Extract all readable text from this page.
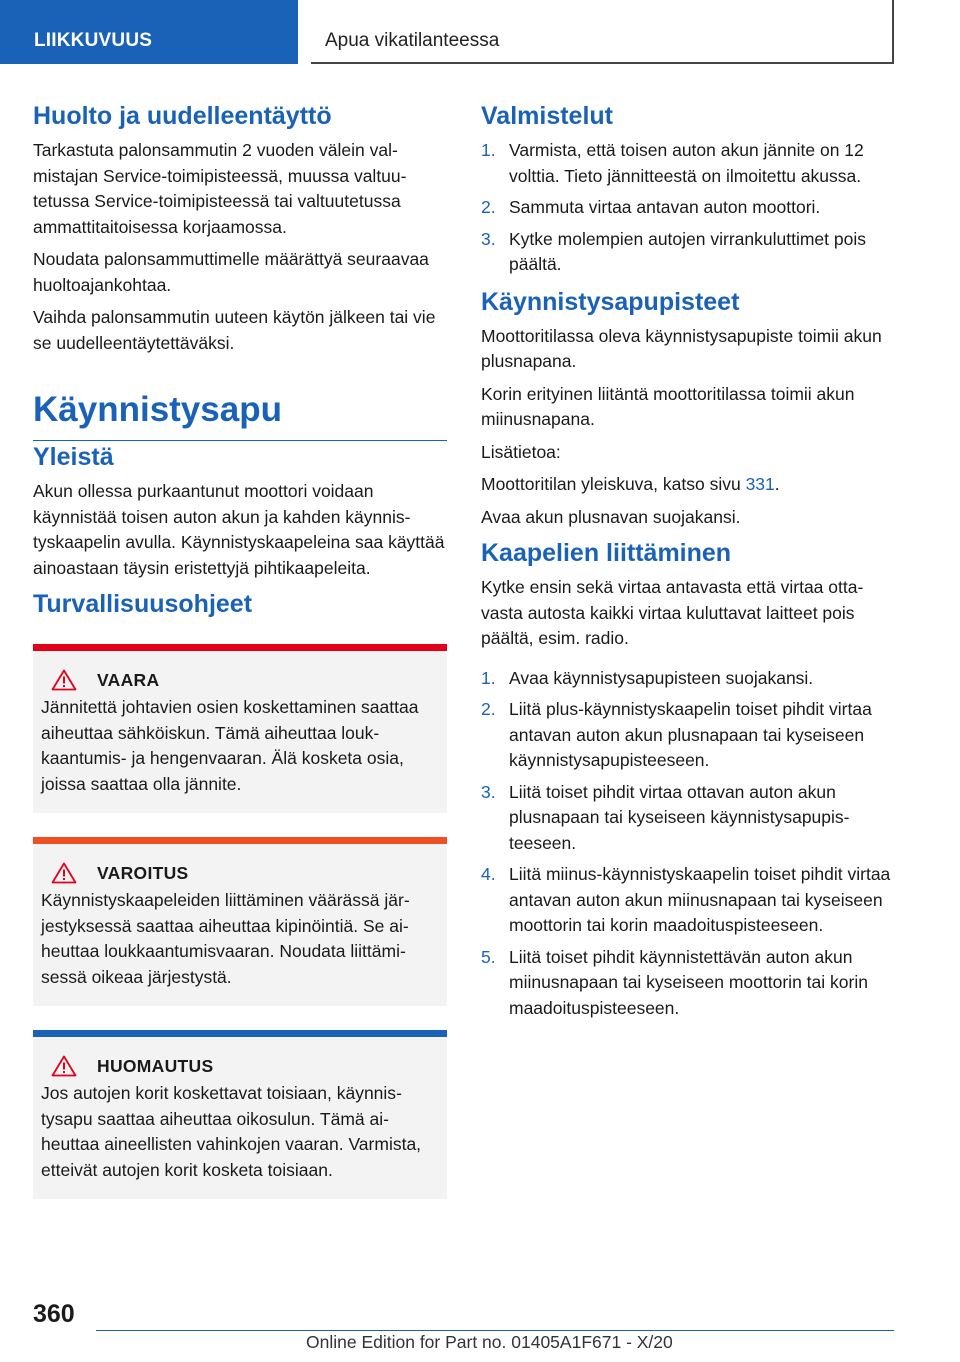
LIIKKUVUUS	Apua vikatilanteessa
Huolto ja uudelleentäyttö

Tarkastuta palonsammutin 2 vuoden välein valmistajan Service-toimipisteessä, muussa valtuutetussa Service-toimipisteessä tai valtuutetussa ammattitaitoisessa korjaamossa.

Noudata palonsammuttimelle määrättyä seuraavaa huoltoajankohtaa.

Vaihda palonsammutin uuteen käytön jälkeen tai vie se uudelleentäytettäväksi.

Käynnistysapu
Yleistä

Akun ollessa purkaantunut moottori voidaan käynnistää toisen auton akun ja kahden käynnistyskaapelin avulla. Käynnistyskaapeleina saa käyttää ainoastaan täysin eristettyjä pihtikaapeleita.

Turvallisuusohjeet
VAARA

Jännitettä johtavien osien koskettaminen saattaa aiheuttaa sähköiskun. Tämä aiheuttaa loukkaantumis- ja hengenvaaran. Älä kosketa osia, joissa saattaa olla jännite.

VAROITUS

Käynnistyskaapeleiden liittäminen väärässä järjestyksessä saattaa aiheuttaa kipinöintiä. Se aiheuttaa loukkaantumisvaaran. Noudata liittämisessä oikeaa järjestystä.

HUOMAUTUS

Jos autojen korit koskettavat toisiaan, käynnistysapu saattaa aiheuttaa oikosulun. Tämä aiheuttaa aineellisten vahinkojen vaaran. Varmista, etteivät autojen korit kosketa toisiaan.

Valmistelut
1. Varmista, että toisen auton akun jännite on 12 volttia. Tieto jännitteestä on ilmoitettu akussa.
2. Sammuta virtaa antavan auton moottori.
3. Kytke molempien autojen virrankuluttimet pois päältä.
Käynnistysapupisteet

Moottoritilassa oleva käynnistysapupiste toimii akun plusnapana.

Korin erityinen liitäntä moottoritilassa toimii akun miinusnapana.

Lisätietoa:

Moottoritilan yleiskuva, katso sivu 331.

Avaa akun plusnavan suojakansi.

Kaapelien liittäminen

Kytke ensin sekä virtaa antavasta että virtaa ottavasta autosta kaikki virtaa kuluttavat laitteet pois päältä, esim. radio.

1. Avaa käynnistysapupisteen suojakansi.
2. Liitä plus-käynnistyskaapelin toiset pihdit virtaa antavan auton akun plusnapaan tai kyseiseen käynnistysapupisteeseen.
3. Liitä toiset pihdit virtaa ottavan auton akun plusnapaan tai kyseiseen käynnistysapupisteeseen.
4. Liitä miinus-käynnistyskaapelin toiset pihdit virtaa antavan auton akun miinusnapaan tai kyseiseen moottorin tai korin maadoituspisteeseen.
5. Liitä toiset pihdit käynnistettävän auton akun miinusnapaan tai kyseiseen moottorin tai korin maadoituspisteeseen.
360
Online Edition for Part no. 01405A1F671 - X/20
